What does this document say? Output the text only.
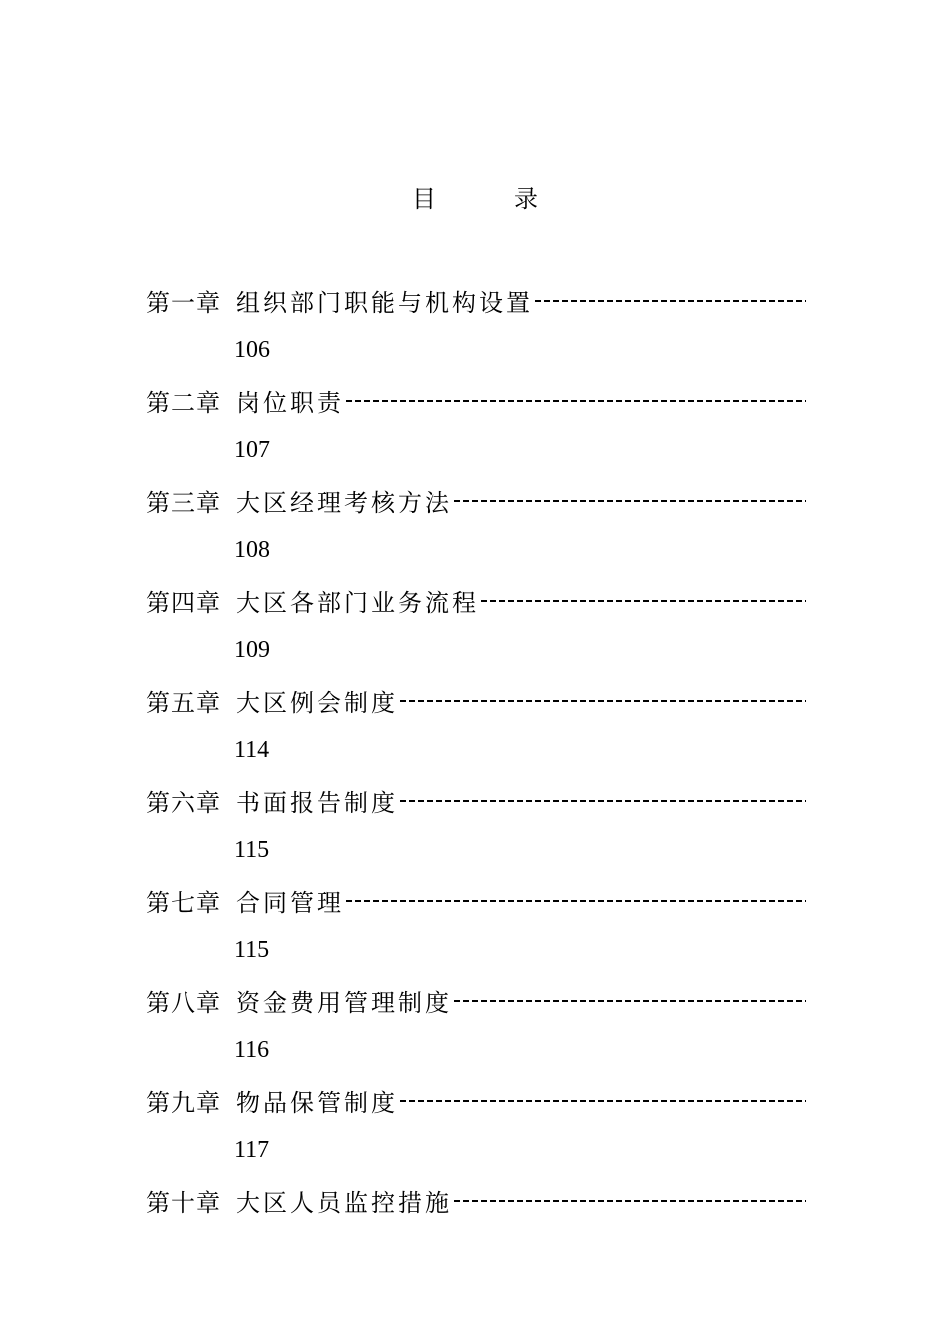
目	录
第一章 组织部门职能与机构设置
106
第二章 岗位职责
107
第三章 大区经理考核方法
108
第四章 大区各部门业务流程
109
第五章 大区例会制度
114
第六章 书面报告制度
115
第七章 合同管理
115
第八章 资金费用管理制度
116
第九章 物品保管制度
117
第十章 大区人员监控措施
